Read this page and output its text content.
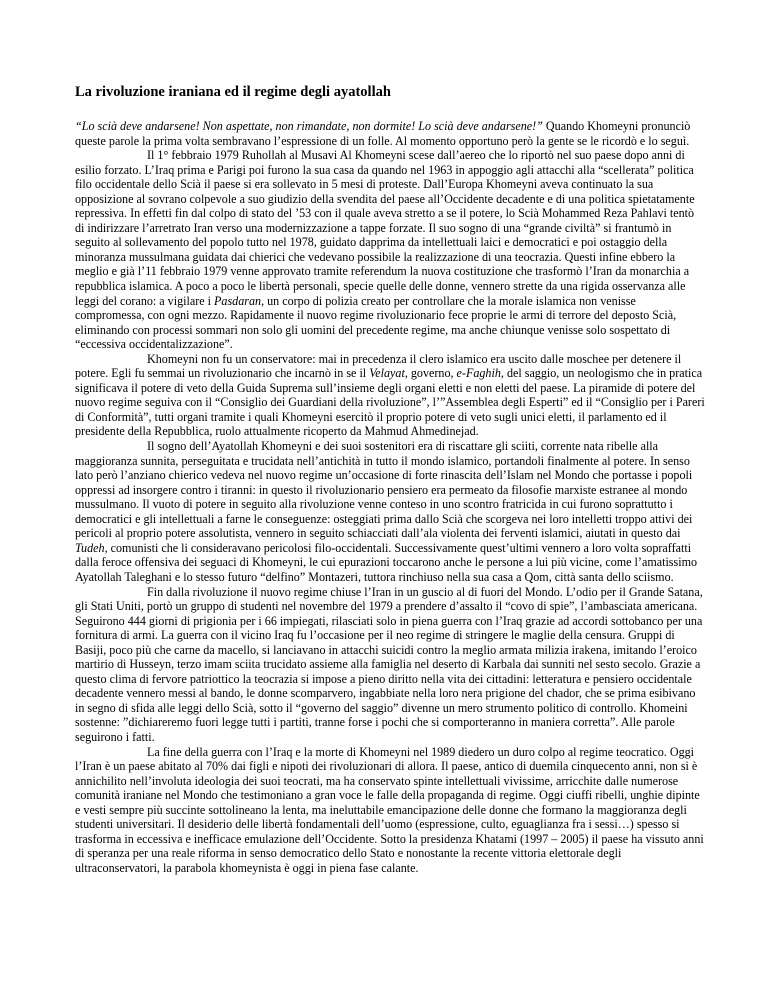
La rivoluzione iraniana ed il regime degli ayatollah

“Lo scià deve andarsene! Non aspettate, non rimandate, non dormite! Lo scià deve andarsene!” Quando Khomeyni pronunciò queste parole la prima volta sembravano l’espressione di un folle. Al momento opportuno però la gente se le ricordò e lo seguì.

Il 1° febbraio 1979 Ruhollah al Musavi Al Khomeyni scese dall’aereo che lo riportò nel suo paese dopo anni di esilio forzato. L’Iraq prima e Parigi poi furono la sua casa da quando nel 1963 in appoggio agli attacchi alla “scellerata” politica filo occidentale dello Scià il paese si era sollevato in 5 mesi di proteste. Dall’Europa Khomeyni aveva continuato la sua opposizione al sovrano colpevole a suo giudizio della svendita del paese all’Occidente decadente e di una politica spietatamente repressiva. In effetti fin dal colpo di stato del ’53 con il quale aveva stretto a se il potere, lo Scià Mohammed Reza Pahlavi tentò di indirizzare l’arretrato Iran verso una modernizzazione a tappe forzate. Il suo sogno di una “grande civiltà” si frantumò in seguito al sollevamento del popolo tutto nel 1978, guidato dapprima da intellettuali laici e democratici e poi ostaggio della minoranza mussulmana guidata dai chierici che vedevano possibile la realizzazione di una teocrazia. Questi infine ebbero la meglio e già l’11 febbraio 1979 venne approvato tramite referendum la nuova costituzione che trasformò l’Iran da monarchia a repubblica islamica. A poco a poco le libertà personali, specie quelle delle donne, vennero strette da una rigida osservanza alle leggi del corano: a vigilare i Pasdaran, un corpo di polizia creato per controllare che la morale islamica non venisse compromessa, con ogni mezzo. Rapidamente il nuovo regime rivoluzionario fece proprie le armi di terrore del deposto Scià, eliminando con processi sommari non solo gli uomini del precedente regime, ma anche chiunque venisse solo sospettato di “eccessiva occidentalizzazione”.

Khomeyni non fu un conservatore: mai in precedenza il clero islamico era uscito dalle moschee per detenere il potere. Egli fu semmai un rivoluzionario che incarnò in se il Velayat, governo, e-Faghih, del saggio, un neologismo che in pratica significava il potere di veto della Guida Suprema sull’insieme degli organi eletti e non eletti del paese. La piramide di potere del nuovo regime seguiva con il “Consiglio dei Guardiani della rivoluzione”, l’”Assemblea degli Esperti” ed il “Consiglio per i Pareri di Conformità”, tutti organi tramite i quali Khomeyni esercitò il proprio potere di veto sugli unici eletti, il parlamento ed il presidente della Repubblica, ruolo attualmente ricoperto da Mahmud Ahmedinejad.

Il sogno dell’Ayatollah Khomeyni e dei suoi sostenitori era di riscattare gli sciiti, corrente nata ribelle alla maggioranza sunnita, perseguitata e trucidata nell’antichità in tutto il mondo islamico, portandoli finalmente al potere. In senso lato però l’anziano chierico vedeva nel nuovo regime un’occasione di forte rinascita dell’Islam nel Mondo che portasse i popoli oppressi ad insorgere contro i tiranni: in questo il rivoluzionario pensiero era permeato da filosofie marxiste estranee al mondo mussulmano. Il vuoto di potere in seguito alla rivoluzione venne conteso in uno scontro fratricida in cui furono soprattutto i democratici e gli intellettuali a farne le conseguenze: osteggiati prima dallo Scià che scorgeva nei loro intelletti troppo attivi dei pericoli al proprio potere assolutista, vennero in seguito schiacciati dall’ala violenta dei ferventi islamici, aiutati in questo dai Tudeh, comunisti che li consideravano pericolosi filo-occidentali. Successivamente quest’ultimi vennero a loro volta sopraffatti dalla feroce offensiva dei seguaci di Khomeyni, le cui epurazioni toccarono anche le persone a lui più vicine, come l’amatissimo Ayatollah Taleghani e lo stesso futuro “delfino” Montazeri, tuttora rinchiuso nella sua casa a Qom, città santa dello sciismo.

Fin dalla rivoluzione il nuovo regime chiuse l’Iran in un guscio al di fuori del Mondo. L’odio per il Grande Satana, gli Stati Uniti, portò un gruppo di studenti nel novembre del 1979 a prendere d’assalto il “covo di spie”, l’ambasciata americana. Seguirono 444 giorni di prigionia per i 66 impiegati, rilasciati solo in piena guerra con l’Iraq grazie ad accordi sottobanco per una fornitura di armi. La guerra con il vicino Iraq fu l’occasione per il neo regime di stringere le maglie della censura. Gruppi di Basiji, poco più che carne da macello, si lanciavano in attacchi suicidi contro la meglio armata milizia irakena, imitando l’eroico martirio di Husseyn, terzo imam sciita trucidato assieme alla famiglia nel deserto di Karbala dai sunniti nel sesto secolo. Grazie a questo clima di fervore patriottico la teocrazia si impose a pieno diritto nella vita dei cittadini: letteratura e pensiero occidentale decadente vennero messi al bando, le donne scomparvero, ingabbiate nella loro nera prigione del chador, che se prima esibivano in segno di sfida alle leggi dello Scià, sotto il “governo del saggio” divenne un mero strumento politico di controllo. Khomeini sostenne: ”dichiareremo fuori legge tutti i partiti, tranne forse i pochi che si comporteranno in maniera corretta”. Alle parole seguirono i fatti.

La fine della guerra con l’Iraq e la morte di Khomeyni nel 1989 diedero un duro colpo al regime teocratico. Oggi l’Iran è un paese abitato al 70% dai figli e nipoti dei rivoluzionari di allora. Il paese, antico di duemila cinquecento anni, non si è annichilito nell’involuta ideologia dei suoi teocrati, ma ha conservato spinte intellettuali vivissime, arricchite dalle numerose comunità iraniane nel Mondo che testimoniano a gran voce le falle della propaganda di regime. Oggi ciuffi ribelli, unghie dipinte e vesti sempre più succinte sottolineano la lenta, ma ineluttabile emancipazione delle donne che formano la maggioranza degli studenti universitari. Il desiderio delle libertà fondamentali dell’uomo (espressione, culto, eguaglianza fra i sessi…) spesso si trasforma in eccessiva e inefficace emulazione dell’Occidente. Sotto la presidenza Khatami (1997 – 2005) il paese ha vissuto anni di speranza per una reale riforma in senso democratico dello Stato e nonostante la recente vittoria elettorale degli ultraconservatori, la parabola khomeynista è oggi in piena fase calante.
